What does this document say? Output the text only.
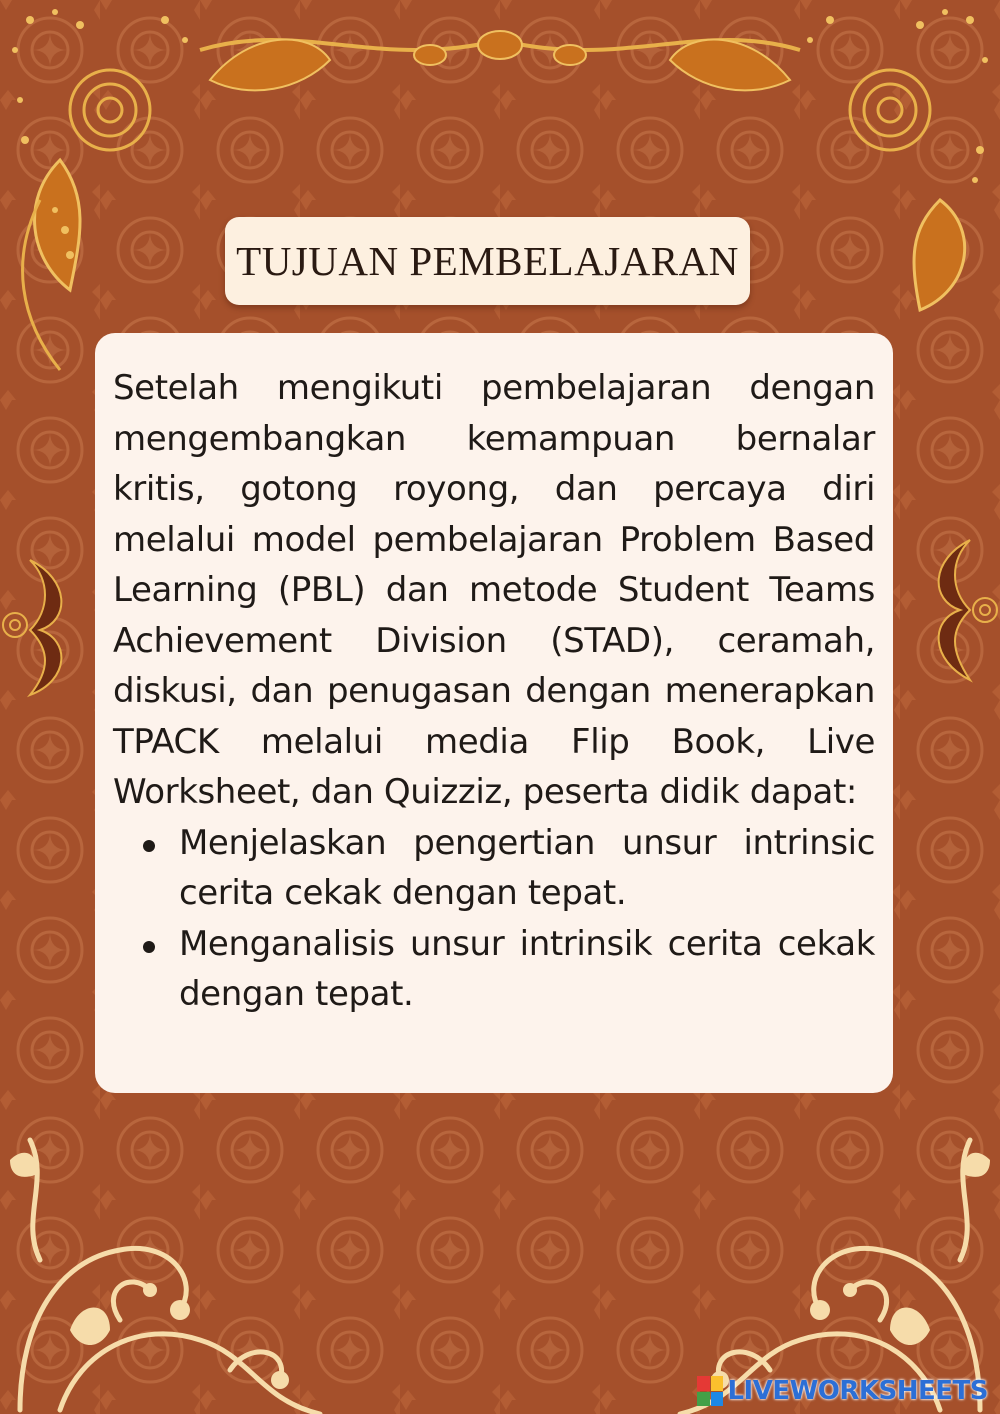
TUJUAN PEMBELAJARAN

Setelah mengikuti pembelajaran dengan mengembangkan kemampuan bernalar kritis, gotong royong, dan percaya diri melalui model pembelajaran Problem Based Learning (PBL) dan metode Student Teams Achievement Division (STAD), ceramah, diskusi, dan penugasan dengan menerapkan TPACK melalui media Flip Book, Live Worksheet, dan Quizziz, peserta didik dapat:

Menjelaskan pengertian unsur intrinsic cerita cekak dengan tepat.
Menganalisis unsur intrinsik cerita cekak dengan tepat.
LIVEWORKSHEETS
